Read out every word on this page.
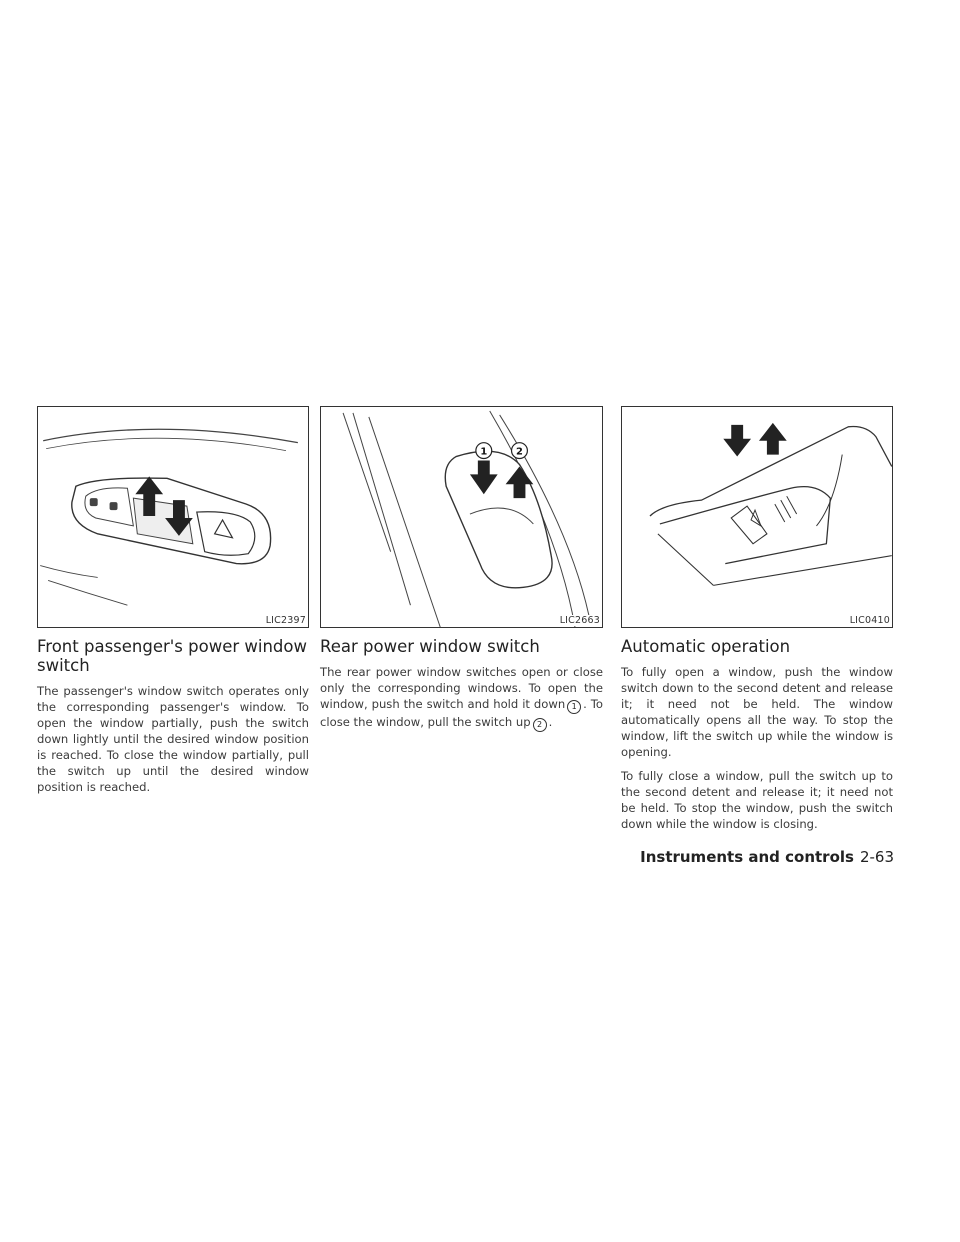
LIC2397
Front passenger's power window switch

The passenger's window switch operates only the corresponding passenger's window. To open the window partially, push the switch down lightly until the desired window position is reached. To close the window partially, pull the switch up until the desired window position is reached.

1	2
LIC2663
Rear power window switch

The rear power window switches open or close only the corresponding windows. To open the window, push the switch and hold it down 1 . To close the window, pull the switch up 2 .

LIC0410
Automatic operation

To fully open a window, push the window switch down to the second detent and release it; it need not be held. The window automatically opens all the way. To stop the window, lift the switch up while the window is opening.

To fully close a window, pull the switch up to the second detent and release it; it need not be held. To stop the window, push the switch down while the window is closing.

Instruments and controls 2-63
